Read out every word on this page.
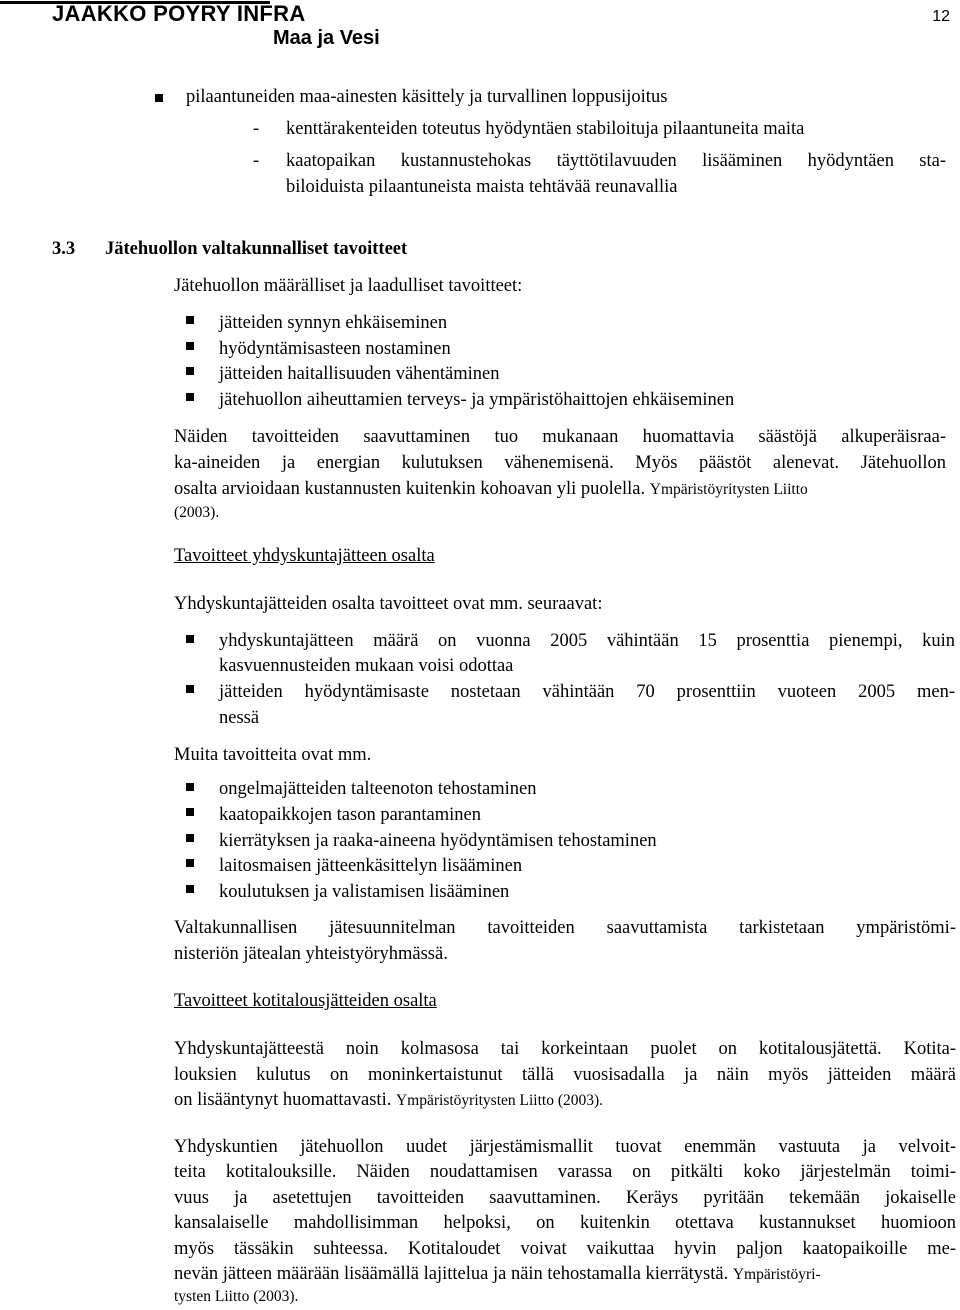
JAAKKO PÖYRY INFRA
Maa ja Vesi
12
pilaantuneiden maa-ainesten käsittely ja turvallinen loppusijoitus
- kenttärakenteiden toteutus hyödyntäen stabiloituja pilaantuneita maita
- kaatopaikan kustannustehokas täyttötilavuuden lisääminen hyödyntäen sta-
biloiduista pilaantuneista maista tehtävää reunavallia
3.3 Jätehuollon valtakunnalliset tavoitteet
Jätehuollon määrälliset ja laadulliset tavoitteet:
jätteiden synnyn ehkäiseminen
hyödyntämisasteen nostaminen
jätteiden haitallisuuden vähentäminen
jätehuollon aiheuttamien terveys- ja ympäristöhaittojen ehkäiseminen
Näiden tavoitteiden saavuttaminen tuo mukanaan huomattavia säästöjä alkuperäisraa-
ka-aineiden ja energian kulutuksen vähenemisenä. Myös päästöt alenevat. Jätehuollon
osalta arvioidaan kustannusten kuitenkin kohoavan yli puolella. Ympäristöyritysten Liitto
(2003).
Tavoitteet yhdyskuntajätteen osalta
Yhdyskuntajätteiden osalta tavoitteet ovat mm. seuraavat:
yhdyskuntajätteen määrä on vuonna 2005 vähintään 15 prosenttia pienempi, kuin
kasvuennusteiden mukaan voisi odottaa
jätteiden hyödyntämisaste nostetaan vähintään 70 prosenttiin vuoteen 2005 men-
nessä
Muita tavoitteita ovat mm.
ongelmajätteiden talteenoton tehostaminen
kaatopaikkojen tason parantaminen
kierrätyksen ja raaka-aineena hyödyntämisen tehostaminen
laitosmaisen jätteenkäsittelyn lisääminen
koulutuksen ja valistamisen lisääminen
Valtakunnallisen jätesuunnitelman tavoitteiden saavuttamista tarkistetaan ympäristömi-
nisteriön jätealan yhteistyöryhmässä.
Tavoitteet kotitalousjätteiden osalta
Yhdyskuntajätteestä noin kolmasosa tai korkeintaan puolet on kotitalousjätettä. Kotita-
louksien kulutus on moninkertaistunut tällä vuosisadalla ja näin myös jätteiden määrä
on lisääntynyt huomattavasti. Ympäristöyritysten Liitto (2003).
Yhdyskuntien jätehuollon uudet järjestämismallit tuovat enemmän vastuuta ja velvoit-
teita kotitalouksille. Näiden noudattamisen varassa on pitkälti koko järjestelmän toimi-
vuus ja asetettujen tavoitteiden saavuttaminen. Keräys pyritään tekemään jokaiselle
kansalaiselle mahdollisimman helpoksi, on kuitenkin otettava kustannukset huomioon
myös tässäkin suhteessa. Kotitaloudet voivat vaikuttaa hyvin paljon kaatopaikoille me-
nevän jätteen määrään lisäämällä lajittelua ja näin tehostamalla kierrätystä. Ympäristöyri-
tysten Liitto (2003).
